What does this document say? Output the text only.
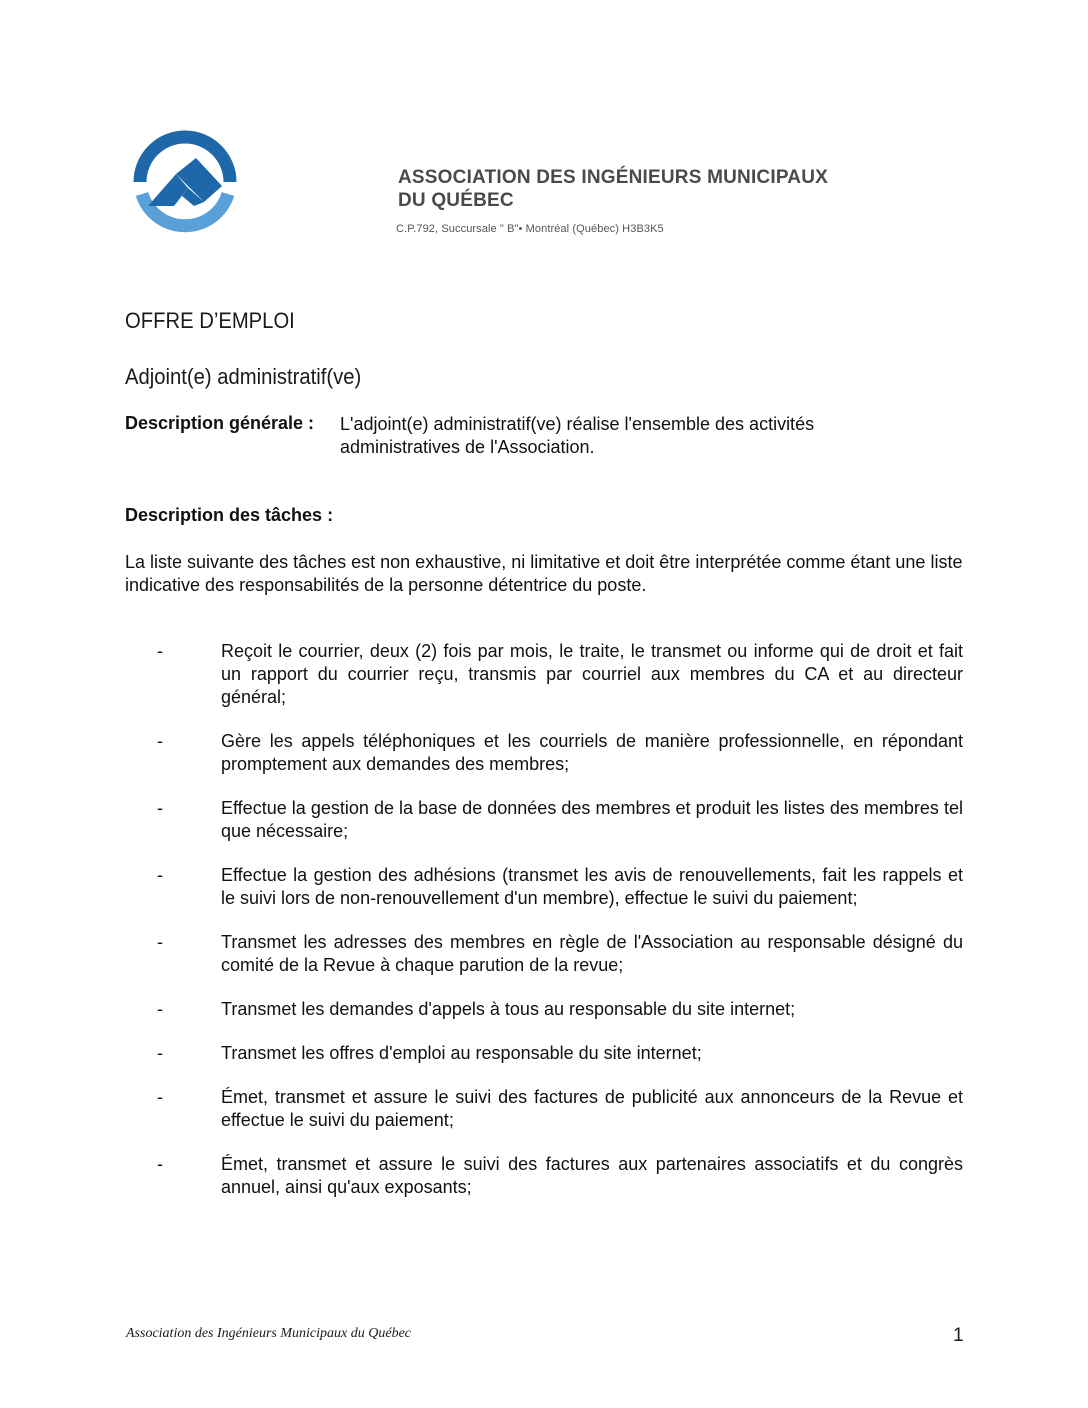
ASSOCIATION DES INGÉNIEURS MUNICIPAUX
DU QUÉBEC
C.P.792, Succursale " B"• Montréal (Québec) H3B3K5
OFFRE D’EMPLOI
Adjoint(e) administratif(ve)
Description générale : L'adjoint(e) administratif(ve) réalise l'ensemble des activités administratives de l'Association.
Description des tâches :
La liste suivante des tâches est non exhaustive, ni limitative et doit être interprétée comme étant une liste indicative des responsabilités de la personne détentrice du poste.
-	Reçoit le courrier, deux (2) fois par mois, le traite, le transmet ou informe qui de droit et fait un rapport du courrier reçu, transmis par courriel aux membres du CA et au directeur général;
-	Gère les appels téléphoniques et les courriels de manière professionnelle, en répondant promptement aux demandes des membres;
-	Effectue la gestion de la base de données des membres et produit les listes des membres tel que nécessaire;
-	Effectue la gestion des adhésions (transmet les avis de renouvellements, fait les rappels et le suivi lors de non-renouvellement d'un membre), effectue le suivi du paiement;
-	Transmet les adresses des membres en règle de l'Association au responsable désigné du comité de la Revue à chaque parution de la revue;
-	Transmet les demandes d'appels à tous au responsable du site internet;
-	Transmet les offres d'emploi au responsable du site internet;
-	Émet, transmet et assure le suivi des factures de publicité aux annonceurs de la Revue et effectue le suivi du paiement;
-	Émet, transmet et assure le suivi des factures aux partenaires associatifs et du congrès annuel, ainsi qu'aux exposants;
Association des Ingénieurs Municipaux du Québec	1
